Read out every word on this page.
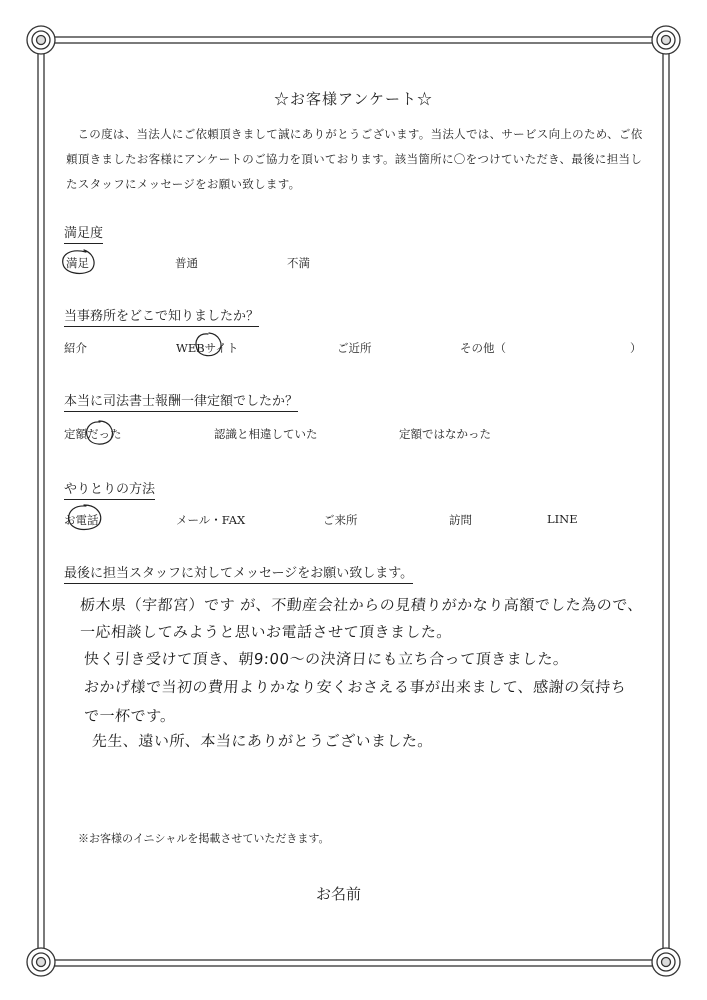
☆お客様アンケート☆

この度は、当法人にご依頼頂きまして誠にありがとうございます。当法人では、サービス向上のため、ご依頼頂きましたお客様にアンケートのご協力を頂いております。該当箇所に〇をつけていただき、最後に担当したスタッフにメッセージをお願い致します。

満足度
満足	普通	不満
当事務所をどこで知りましたか？
紹介	WEBサイト	ご近所	その他（	）
本当に司法書士報酬一律定額でしたか？
定額だった	認識と相違していた	定額ではなかった
やりとりの方法
お電話	メール・FAX	ご来所	訪問	LINE
最後に担当スタッフに対してメッセージをお願い致します。
栃木県（宇都宮）です が、不動産会社からの見積りがかなり高額でした為ので、
一応相談してみようと思いお電話させて頂きました。
快く引き受けて頂き、朝9:00～の決済日にも立ち合って頂きました。
おかげ様で当初の費用よりかなり安くおさえる事が出来まして、感謝の気持ち
で一杯です。
先生、遠い所、本当にありがとうございました。
※お客様のイニシャルを掲載させていただきます。
お名前
